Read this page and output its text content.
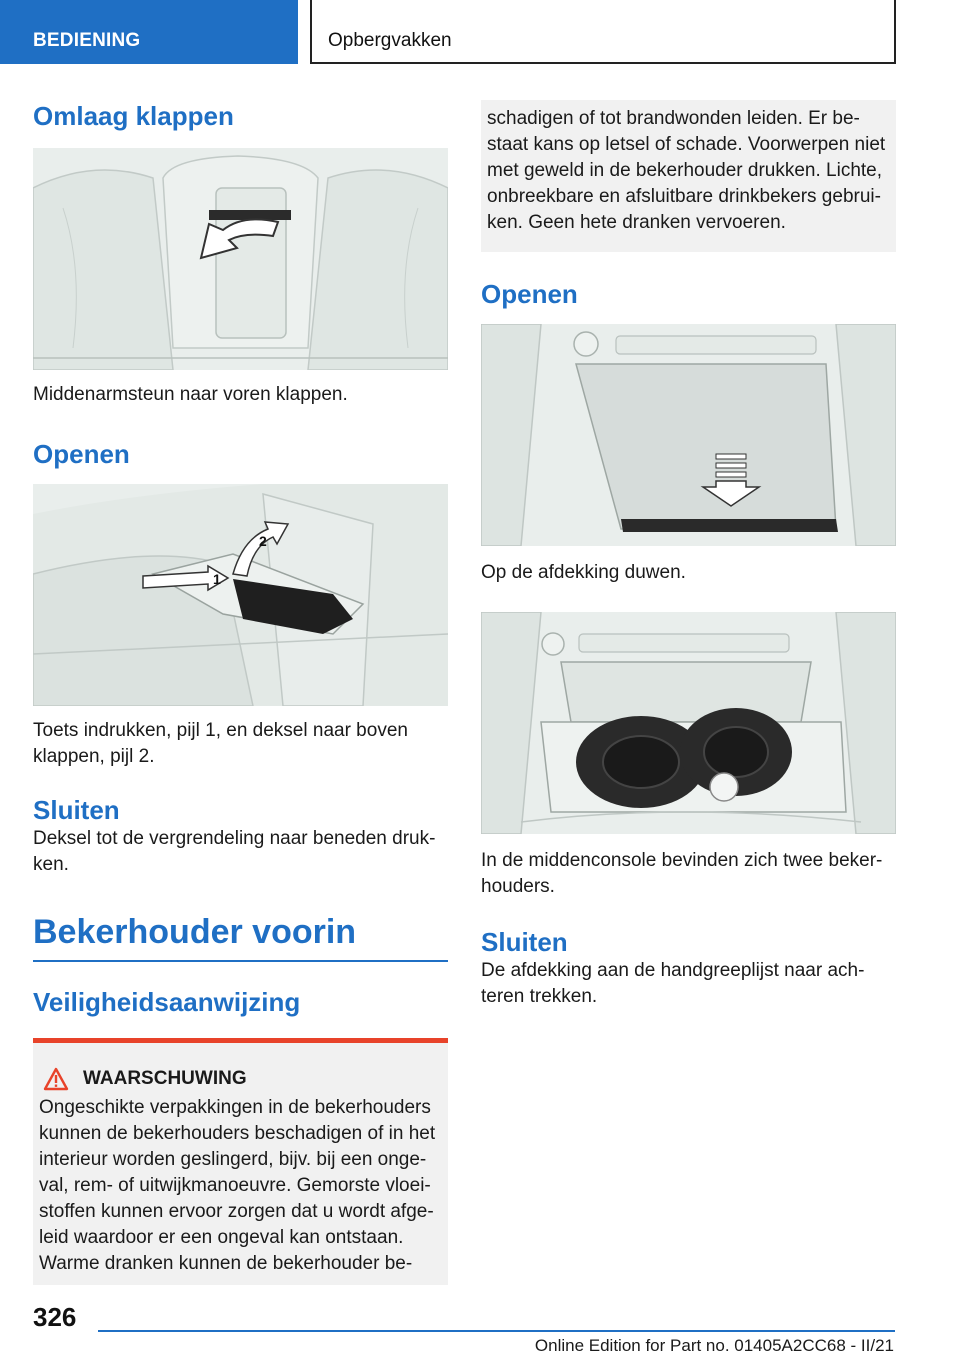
BEDIENING	Opbergvakken
Omlaag klappen

Middenarmsteun naar voren klappen.

Openen
1
2

Toets indrukken, pijl 1, en deksel naar boven klappen, pijl 2.

Sluiten

Deksel tot de vergrendeling naar beneden druk- ken.

Bekerhouder voorin
Veiligheidsaanwijzing
WAARSCHUWING

Ongeschikte verpakkingen in de bekerhouders kunnen de bekerhouders beschadigen of in het interieur worden geslingerd, bijv. bij een onge- val, rem- of uitwijkmanoeuvre. Gemorste vloei- stoffen kunnen ervoor zorgen dat u wordt afge- leid waardoor er een ongeval kan ontstaan. Warme dranken kunnen de bekerhouder be-

schadigen of tot brandwonden leiden. Er be- staat kans op letsel of schade. Voorwerpen niet met geweld in de bekerhouder drukken. Lichte, onbreekbare en afsluitbare drinkbekers gebrui- ken. Geen hete dranken vervoeren.

Openen

Op de afdekking duwen.

In de middenconsole bevinden zich twee beker- houders.

Sluiten

De afdekking aan de handgreeplijst naar ach- teren trekken.

326
Online Edition for Part no. 01405A2CC68 - II/21
